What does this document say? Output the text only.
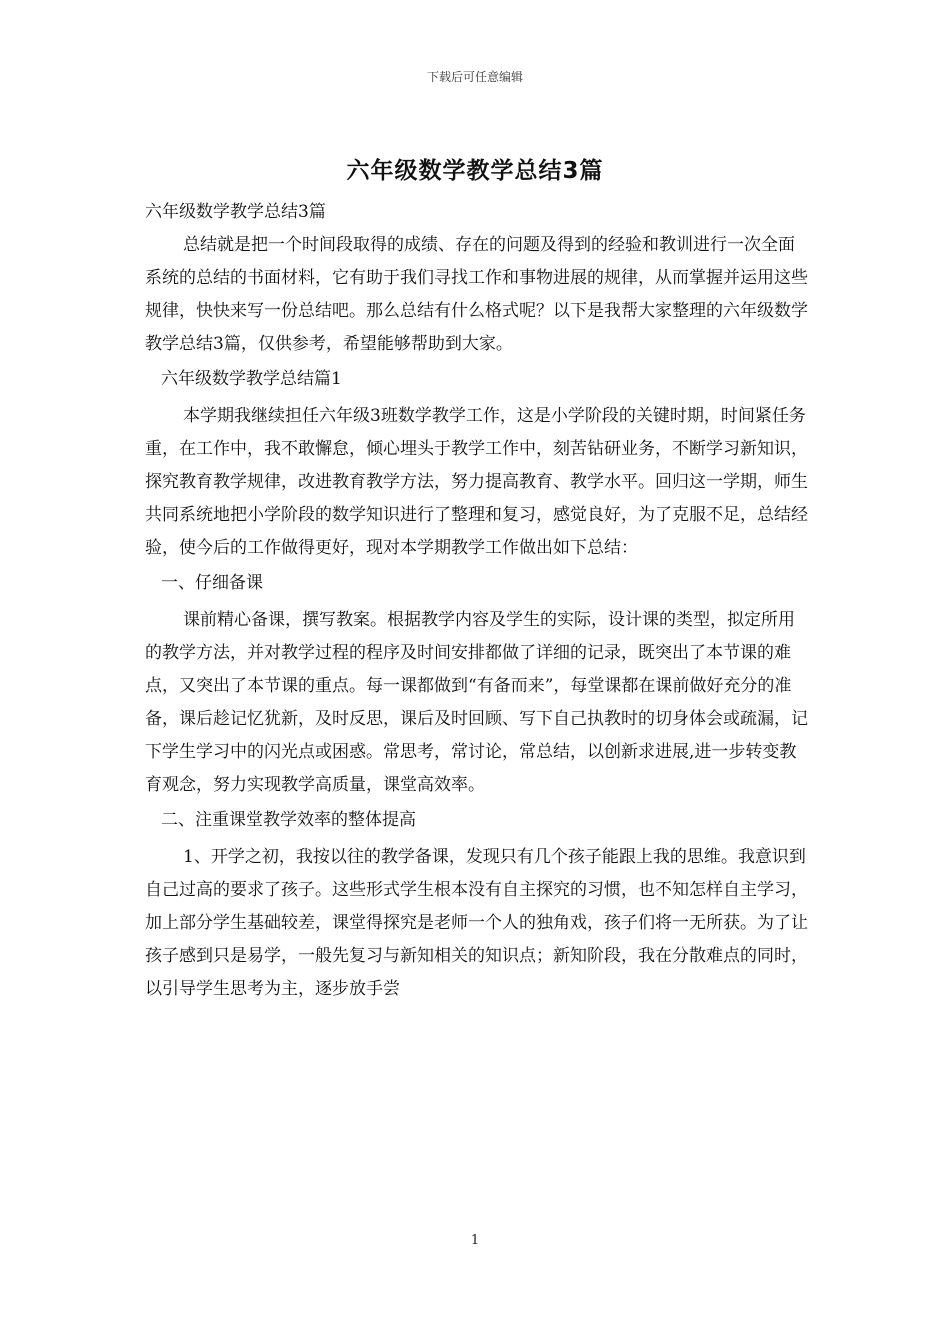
下载后可任意编辑
六年级数学教学总结3篇

六年级数学教学总结3篇

总结就是把一个时间段取得的成绩、存在的问题及得到的经验和教训进行一次全面系统的总结的书面材料，它有助于我们寻找工作和事物进展的规律，从而掌握并运用这些规律，快快来写一份总结吧。那么总结有什么格式呢？以下是我帮大家整理的六年级数学教学总结3篇，仅供参考，希望能够帮助到大家。

六年级数学教学总结篇1

本学期我继续担任六年级3班数学教学工作，这是小学阶段的关键时期，时间紧任务重，在工作中，我不敢懈怠，倾心埋头于教学工作中，刻苦钻研业务，不断学习新知识，探究教育教学规律，改进教育教学方法，努力提高教育、教学水平。回归这一学期，师生共同系统地把小学阶段的数学知识进行了整理和复习，感觉良好，为了克服不足，总结经验，使今后的工作做得更好，现对本学期教学工作做出如下总结：

一、仔细备课

课前精心备课，撰写教案。根据教学内容及学生的实际，设计课的类型，拟定所用的教学方法，并对教学过程的程序及时间安排都做了详细的记录，既突出了本节课的难点，又突出了本节课的重点。每一课都做到“有备而来”，每堂课都在课前做好充分的准备，课后趁记忆犹新，及时反思，课后及时回顾、写下自己执教时的切身体会或疏漏，记下学生学习中的闪光点或困惑。常思考，常讨论，常总结，以创新求进展,进一步转变教育观念，努力实现教学高质量，课堂高效率。

二、注重课堂教学效率的整体提高

1、开学之初，我按以往的教学备课，发现只有几个孩子能跟上我的思维。我意识到自己过高的要求了孩子。这些形式学生根本没有自主探究的习惯，也不知怎样自主学习，加上部分学生基础较差，课堂得探究是老师一个人的独角戏，孩子们将一无所获。为了让孩子感到只是易学，一般先复习与新知相关的知识点；新知阶段，我在分散难点的同时，以引导学生思考为主，逐步放手尝

1
